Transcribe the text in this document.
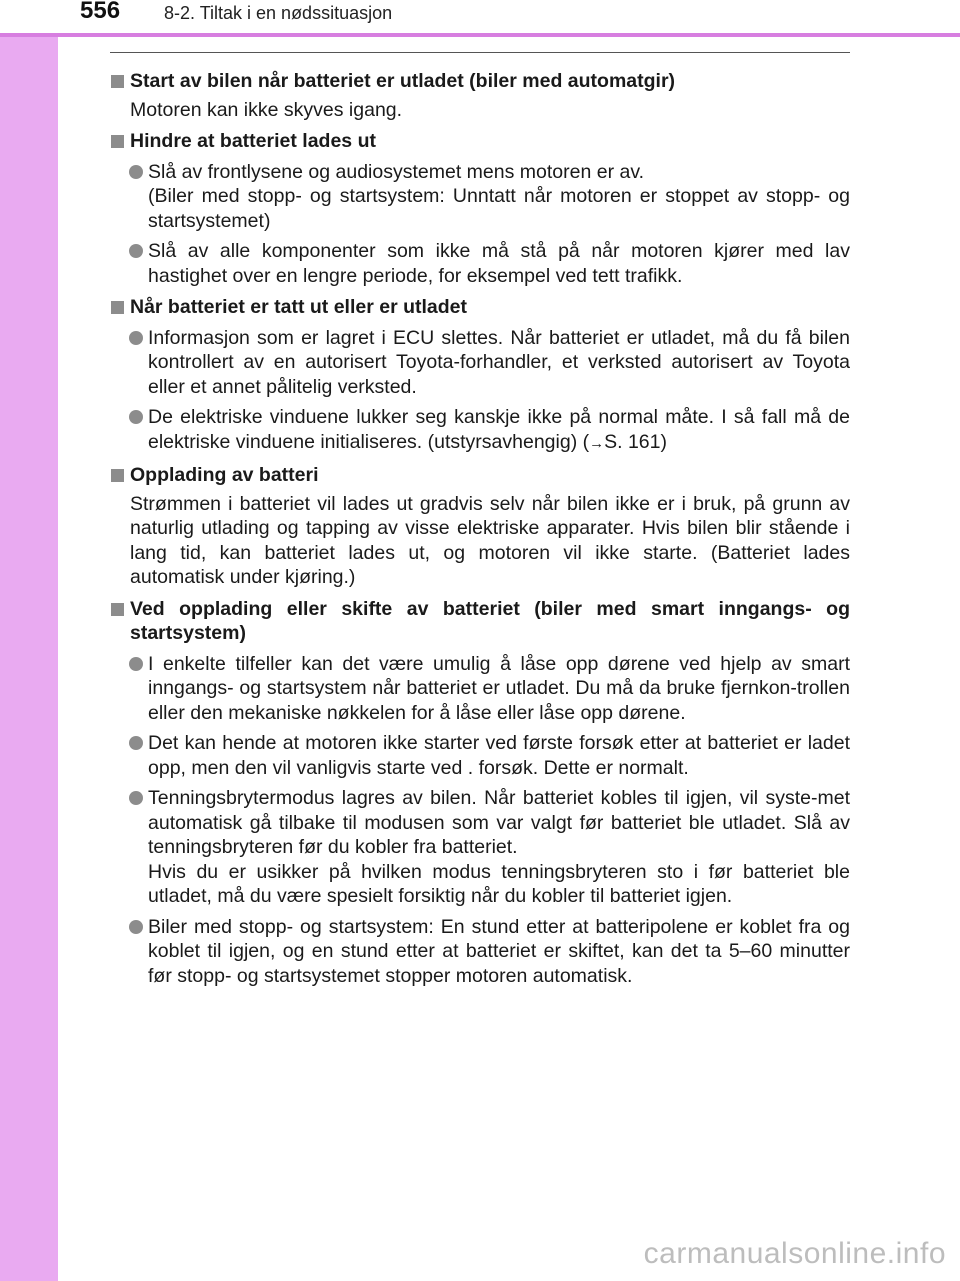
556 8-2. Tiltak i en nødssituasjon
Start av bilen når batteriet er utladet (biler med automatgir)
Motoren kan ikke skyves igang.
Hindre at batteriet lades ut
Slå av frontlysene og audiosystemet mens motoren er av.
(Biler med stopp- og startsystem: Unntatt når motoren er stoppet av stopp- og startsystemet)
Slå av alle komponenter som ikke må stå på når motoren kjører med lav hastighet over en lengre periode, for eksempel ved tett trafikk.
Når batteriet er tatt ut eller er utladet
Informasjon som er lagret i ECU slettes. Når batteriet er utladet, må du få bilen kontrollert av en autorisert Toyota-forhandler, et verksted autorisert av Toyota eller et annet pålitelig verksted.
De elektriske vinduene lukker seg kanskje ikke på normal måte. I så fall må de elektriske vinduene initialiseres. (utstyrsavhengig) (→S. 161)
Opplading av batteri
Strømmen i batteriet vil lades ut gradvis selv når bilen ikke er i bruk, på grunn av naturlig utlading og tapping av visse elektriske apparater. Hvis bilen blir stående i lang tid, kan batteriet lades ut, og motoren vil ikke starte. (Batteriet lades automatisk under kjøring.)
Ved opplading eller skifte av batteriet (biler med smart inngangs- og startsystem)
I enkelte tilfeller kan det være umulig å låse opp dørene ved hjelp av smart inngangs- og startsystem når batteriet er utladet. Du må da bruke fjernkon-trollen eller den mekaniske nøkkelen for å låse eller låse opp dørene.
Det kan hende at motoren ikke starter ved første forsøk etter at batteriet er ladet opp, men den vil vanligvis starte ved . forsøk. Dette er normalt.
Tenningsbrytermodus lagres av bilen. Når batteriet kobles til igjen, vil syste-met automatisk gå tilbake til modusen som var valgt før batteriet ble utladet. Slå av tenningsbryteren før du kobler fra batteriet.
Hvis du er usikker på hvilken modus tenningsbryteren sto i før batteriet ble utladet, må du være spesielt forsiktig når du kobler til batteriet igjen.
Biler med stopp- og startsystem: En stund etter at batteripolene er koblet fra og koblet til igjen, og en stund etter at batteriet er skiftet, kan det ta 5–60 minutter før stopp- og startsystemet stopper motoren automatisk.
carmanualsonline.info
